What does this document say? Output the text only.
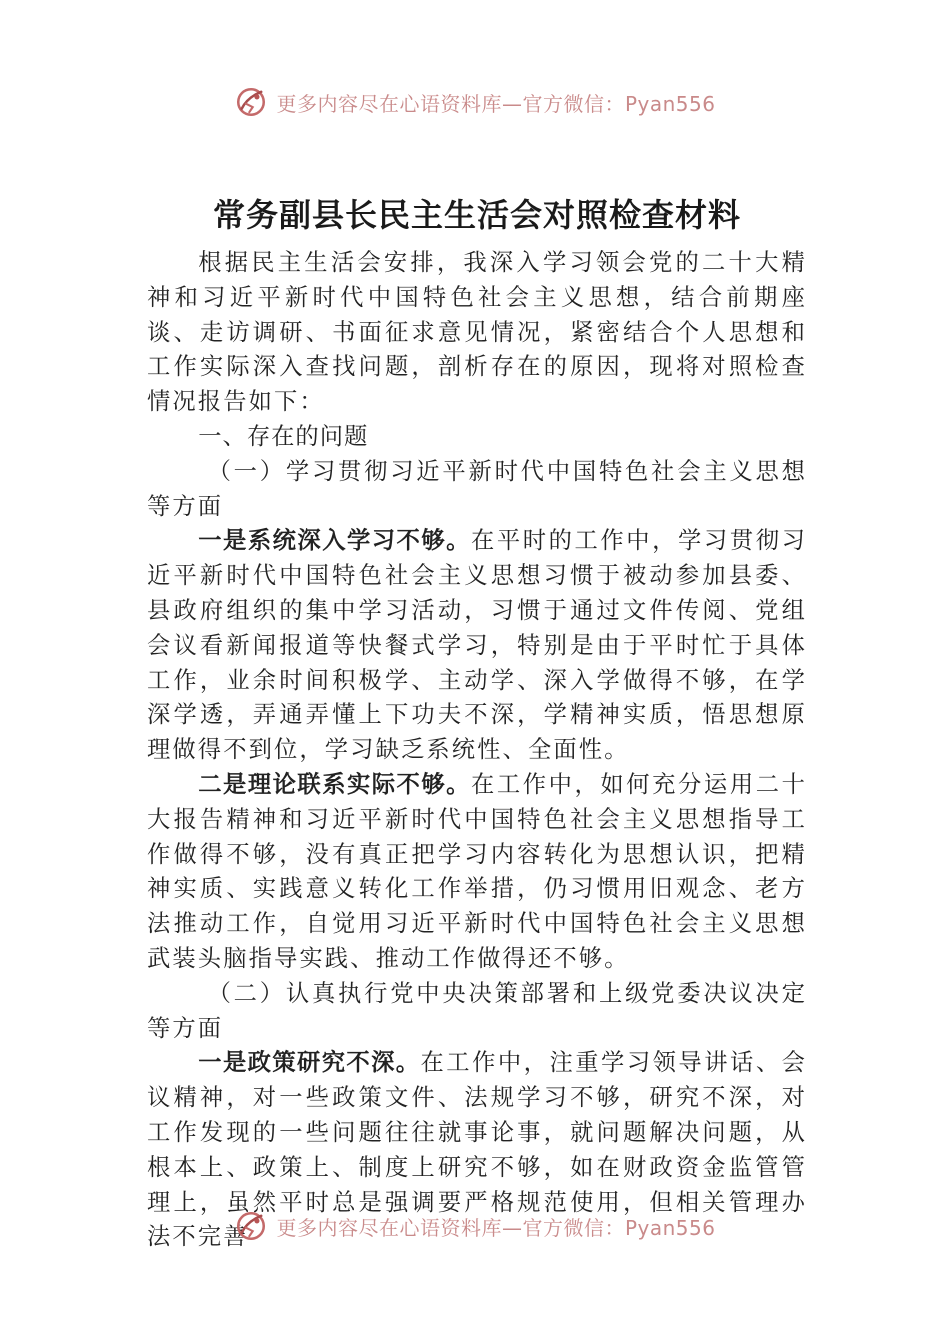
更多内容尽在心语资料库—官方微信：Pyan556
常务副县长民主生活会对照检查材料

根据民主生活会安排，我深入学习领会党的二十大精神和习近平新时代中国特色社会主义思想，结合前期座谈、走访调研、书面征求意见情况，紧密结合个人思想和工作实际深入查找问题，剖析存在的原因，现将对照检查情况报告如下：

一、存在的问题

（一）学习贯彻习近平新时代中国特色社会主义思想等方面

一是系统深入学习不够。在平时的工作中，学习贯彻习近平新时代中国特色社会主义思想习惯于被动参加县委、县政府组织的集中学习活动，习惯于通过文件传阅、党组会议看新闻报道等快餐式学习，特别是由于平时忙于具体工作，业余时间积极学、主动学、深入学做得不够，在学深学透，弄通弄懂上下功夫不深，学精神实质，悟思想原理做得不到位，学习缺乏系统性、全面性。

二是理论联系实际不够。在工作中，如何充分运用二十大报告精神和习近平新时代中国特色社会主义思想指导工作做得不够，没有真正把学习内容转化为思想认识，把精神实质、实践意义转化工作举措，仍习惯用旧观念、老方法推动工作，自觉用习近平新时代中国特色社会主义思想武装头脑指导实践、推动工作做得还不够。

（二）认真执行党中央决策部署和上级党委决议决定等方面

一是政策研究不深。在工作中，注重学习领导讲话、会议精神，对一些政策文件、法规学习不够，研究不深，对工作发现的一些问题往往就事论事，就问题解决问题，从根本上、政策上、制度上研究不够，如在财政资金监管管理上，虽然平时总是强调要严格规范使用，但相关管理办法不完善	更多内容尽在心语资料库—官方微信：Pyan556
